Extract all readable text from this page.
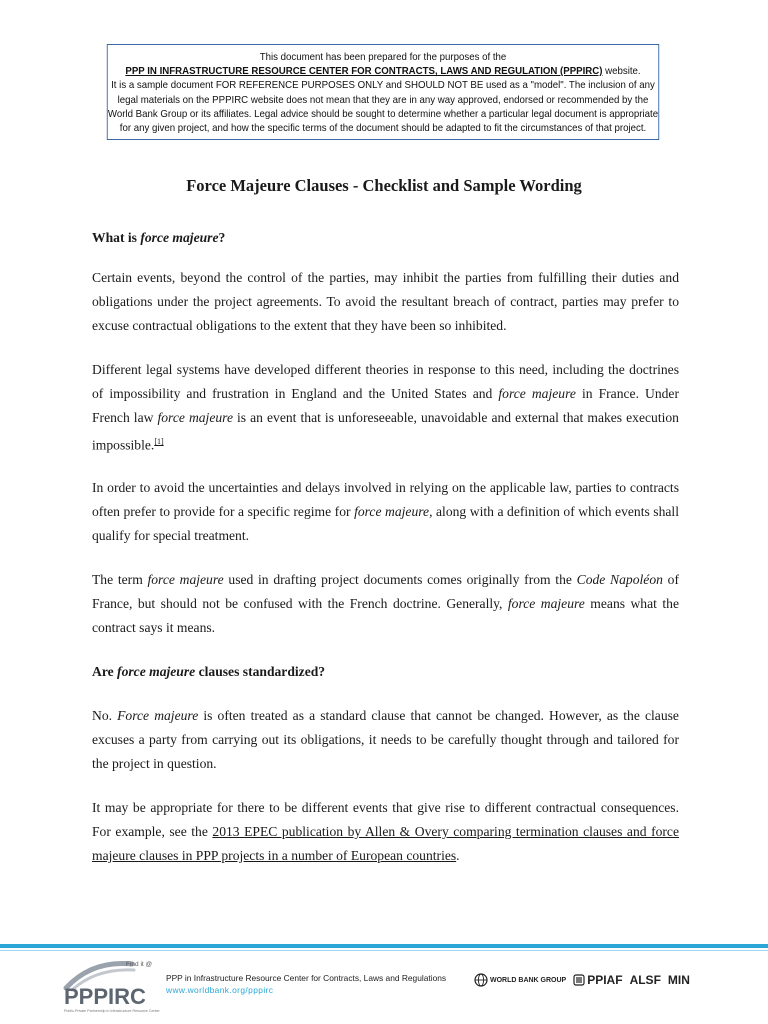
This document has been prepared for the purposes of the
PPP IN INFRASTRUCTURE RESOURCE CENTER FOR CONTRACTS, LAWS AND REGULATION (PPPIRC) website.
It is a sample document FOR REFERENCE PURPOSES ONLY and SHOULD NOT BE used as a "model". The inclusion of any
legal materials on the PPPIRC website does not mean that they are in any way approved, endorsed or recommended by the
World Bank Group or its affiliates. Legal advice should be sought to determine whether a particular legal document is appropriate
for any given project, and how the specific terms of the document should be adapted to fit the circumstances of that project.
Force Majeure Clauses - Checklist and Sample Wording

What is force majeure?

Certain events, beyond the control of the parties, may inhibit the parties from fulfilling their duties and obligations under the project agreements. To avoid the resultant breach of contract, parties may prefer to excuse contractual obligations to the extent that they have been so inhibited.

Different legal systems have developed different theories in response to this need, including the doctrines of impossibility and frustration in England and the United States and force majeure in France. Under French law force majeure is an event that is unforeseeable, unavoidable and external that makes execution impossible.[1]

In order to avoid the uncertainties and delays involved in relying on the applicable law, parties to contracts often prefer to provide for a specific regime for force majeure, along with a definition of which events shall qualify for special treatment.

The term force majeure used in drafting project documents comes originally from the Code Napoléon of France, but should not be confused with the French doctrine. Generally, force majeure means what the contract says it means.

Are force majeure clauses standardized?

No. Force majeure is often treated as a standard clause that cannot be changed. However, as the clause excuses a party from carrying out its obligations, it needs to be carefully thought through and tailored for the project in question.

It may be appropriate for there to be different events that give rise to different contractual consequences. For example, see the 2013 EPEC publication by Allen & Overy comparing termination clauses and force majeure clauses in PPP projects in a number of European countries.

Find it @
PPPIRC
Public-Private Partnership in Infrastructure Resource Center
PPP in Infrastructure Resource Center for Contracts, Laws and Regulations
www.worldbank.org/pppirc
WORLD BANK GROUP PPIAF ALSF MIN
